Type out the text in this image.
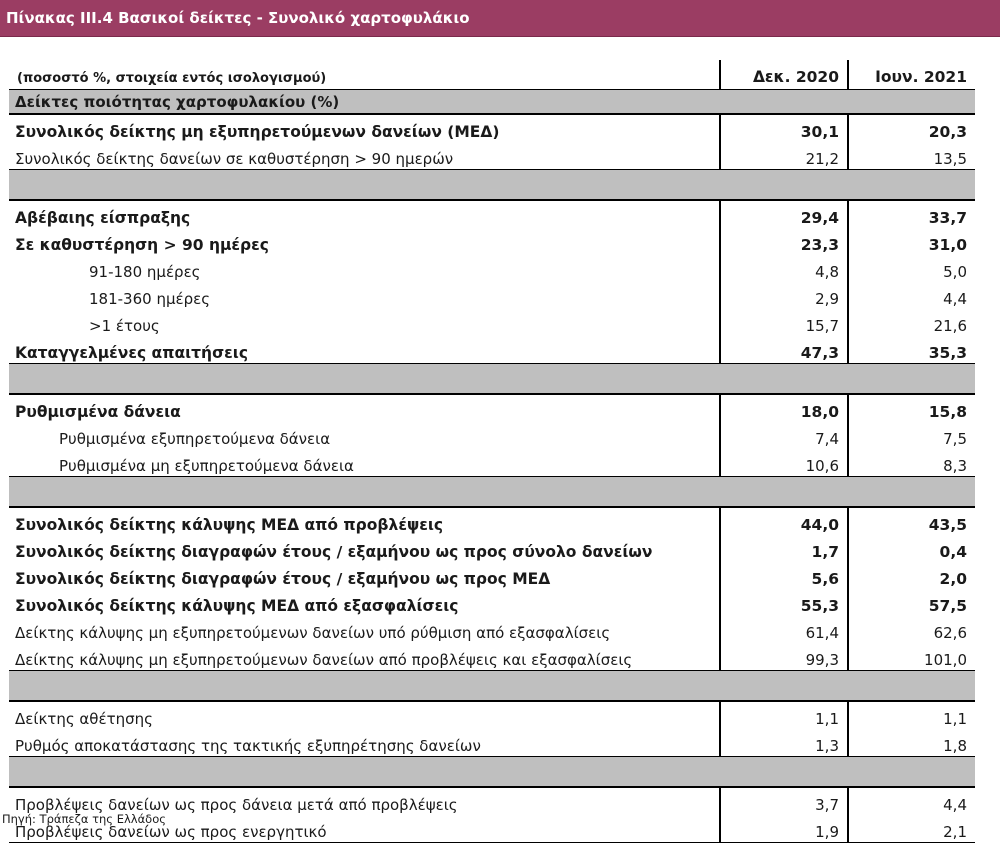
Πίνακας ΙΙΙ.4 Βασικοί δείκτες - Συνολικό χαρτοφυλάκιο
(ποσοστό %, στοιχεία εντός ισολογισμού)	Δεκ. 2020	Ιουν. 2021
Δείκτες ποιότητας χαρτοφυλακίου (%)		
Συνολικός δείκτης μη εξυπηρετούμενων δανείων (ΜΕΔ)	30,1	20,3
Συνολικός δείκτης δανείων σε καθυστέρηση > 90 ημερών	21,2	13,5

Αβέβαιης είσπραξης	29,4	33,7
Σε καθυστέρηση > 90 ημέρες	23,3	31,0
91-180 ημέρες	4,8	5,0
181-360 ημέρες	2,9	4,4
>1 έτους	15,7	21,6
Καταγγελμένες απαιτήσεις	47,3	35,3

Ρυθμισμένα δάνεια	18,0	15,8
Ρυθμισμένα εξυπηρετούμενα δάνεια	7,4	7,5
Ρυθμισμένα μη εξυπηρετούμενα δάνεια	10,6	8,3

Συνολικός δείκτης κάλυψης ΜΕΔ από προβλέψεις	44,0	43,5
Συνολικός δείκτης διαγραφών έτους / εξαμήνου ως προς σύνολο δανείων	1,7	0,4
Συνολικός δείκτης διαγραφών έτους / εξαμήνου ως προς ΜΕΔ	5,6	2,0
Συνολικός δείκτης κάλυψης ΜΕΔ από εξασφαλίσεις	55,3	57,5
Δείκτης κάλυψης μη εξυπηρετούμενων δανείων υπό ρύθμιση από εξασφαλίσεις	61,4	62,6
Δείκτης κάλυψης μη εξυπηρετούμενων δανείων από προβλέψεις και εξασφαλίσεις	99,3	101,0

Δείκτης αθέτησης	1,1	1,1
Ρυθμός αποκατάστασης της τακτικής εξυπηρέτησης δανείων	1,3	1,8

Προβλέψεις δανείων ως προς δάνεια μετά από προβλέψεις	3,7	4,4
Προβλέψεις δανείων ως προς ενεργητικό	1,9	2,1
Πηγή: Τράπεζα της Ελλάδος
